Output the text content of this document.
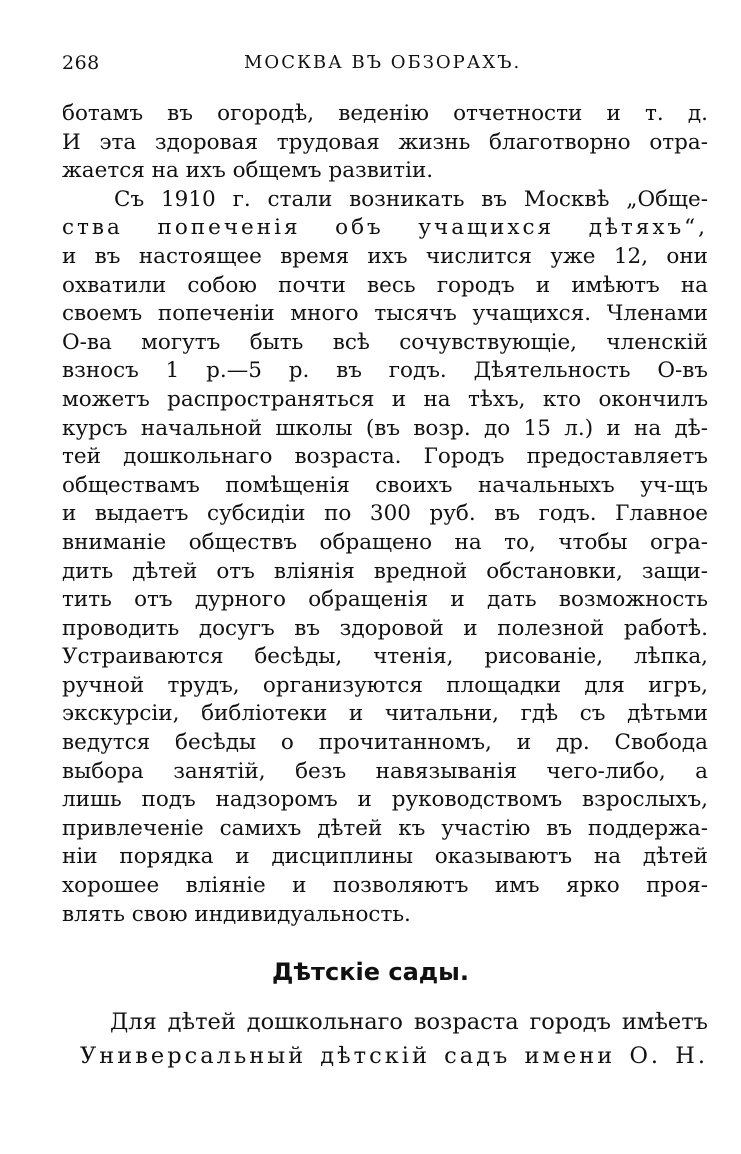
268	МОСКВА ВЪ ОБЗОРАХЪ.
ботамъ въ огородѣ, веденію отчетности и т. д.
И эта здоровая трудовая жизнь благотворно отра-
жается на ихъ общемъ развитіи.
Съ 1910 г. стали возникать въ Москвѣ „Обще-
ства попеченія объ учащихся дѣтяхъ“,
и въ настоящее время ихъ числится уже 12, они
охватили собою почти весь городъ и имѣютъ на
своемъ попеченіи много тысячъ учащихся. Членами
О-ва могутъ быть всѣ сочувствующіе, членскій
взносъ 1 р.—5 р. въ годъ. Дѣятельность О-въ
можетъ распространяться и на тѣхъ, кто окончилъ
курсъ начальной школы (въ возр. до 15 л.) и на дѣ-
тей дошкольнаго возраста. Городъ предоставляетъ
обществамъ помѣщенія своихъ начальныхъ уч-щъ
и выдаетъ субсидіи по 300 руб. въ годъ. Главное
вниманіе обществъ обращено на то, чтобы огра-
дить дѣтей отъ вліянія вредной обстановки, защи-
тить отъ дурного обращенія и дать возможность
проводить досугъ въ здоровой и полезной работѣ.
Устраиваются бесѣды, чтенія, рисованіе, лѣпка,
ручной трудъ, организуются площадки для игръ,
экскурсіи, библіотеки и читальни, гдѣ съ дѣтьми
ведутся бесѣды о прочитанномъ, и др. Свобода
выбора занятій, безъ навязыванія чего-либо, а
лишь подъ надзоромъ и руководствомъ взрослыхъ,
привлеченіе самихъ дѣтей къ участію въ поддержа-
ніи порядка и дисциплины оказываютъ на дѣтей
хорошее вліяніе и позволяютъ имъ ярко проя-
влять свою индивидуальность.
Дѣтскіе сады.
Для дѣтей дошкольнаго возраста городъ имѣетъ
Универсальный дѣтскій садъ имени О. Н.
